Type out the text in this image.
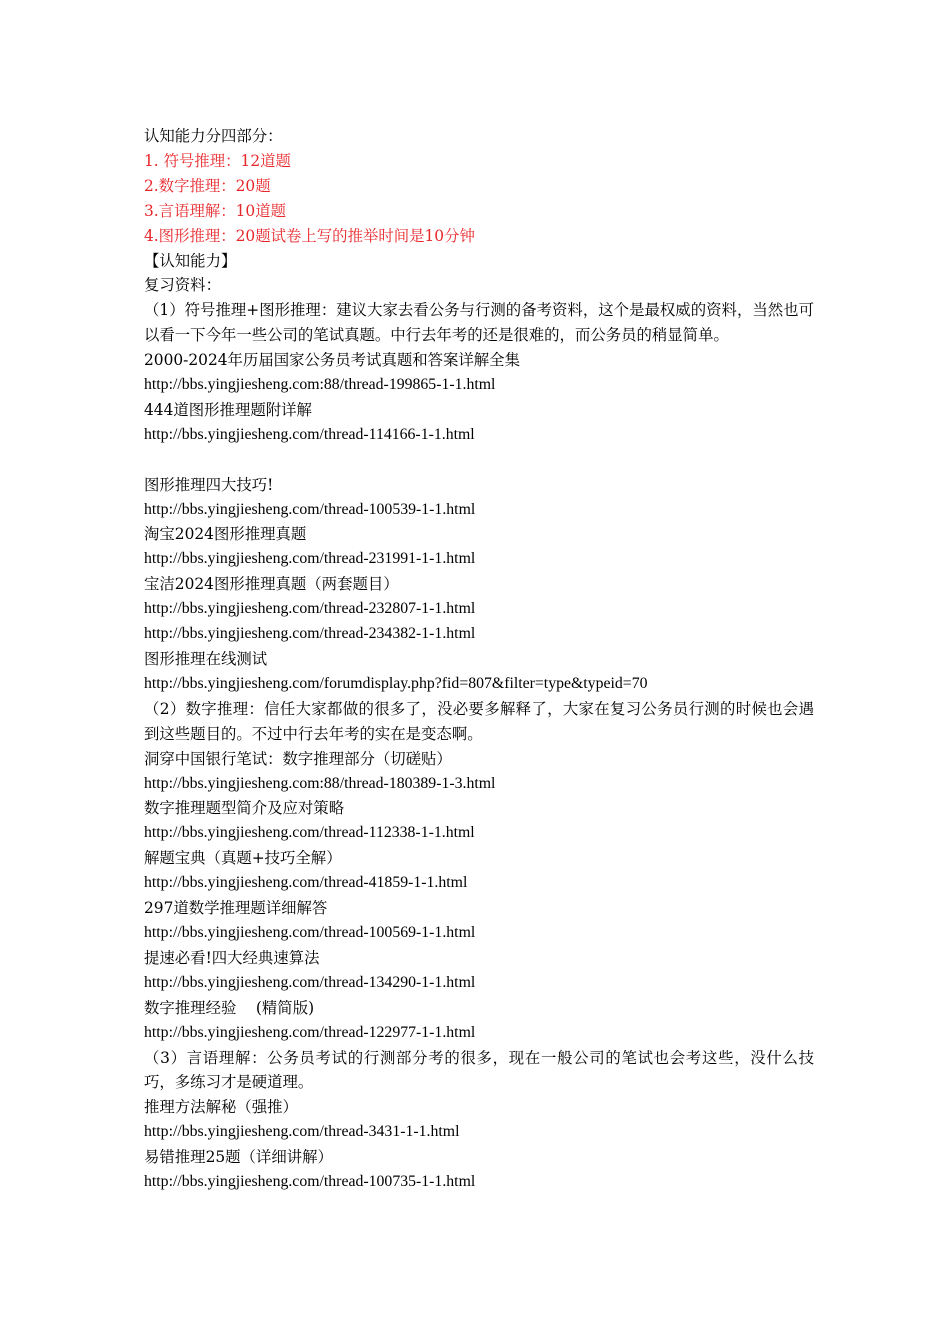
认知能力分四部分：
1. 符号推理：12道题
2.数字推理：20题
3.言语理解：10道题
4.图形推理：20题试卷上写的推举时间是10分钟
【认知能力】
复习资料：
（1）符号推理+图形推理：建议大家去看公务与行测的备考资料，这个是最权威的资料，当然也可以看一下今年一些公司的笔试真题。中行去年考的还是很难的，而公务员的稍显简单。
2000-2024年历届国家公务员考试真题和答案详解全集
http://bbs.yingjiesheng.com:88/thread-199865-1-1.html
444道图形推理题附详解
http://bbs.yingjiesheng.com/thread-114166-1-1.html
图形推理四大技巧!
http://bbs.yingjiesheng.com/thread-100539-1-1.html
淘宝2024图形推理真题
http://bbs.yingjiesheng.com/thread-231991-1-1.html
宝洁2024图形推理真题（两套题目）
http://bbs.yingjiesheng.com/thread-232807-1-1.html
http://bbs.yingjiesheng.com/thread-234382-1-1.html
图形推理在线测试
http://bbs.yingjiesheng.com/forumdisplay.php?fid=807&filter=type&typeid=70
（2）数字推理：信任大家都做的很多了，没必要多解释了，大家在复习公务员行测的时候也会遇到这些题目的。不过中行去年考的实在是变态啊。
洞穿中国银行笔试：数字推理部分（切磋贴）
http://bbs.yingjiesheng.com:88/thread-180389-1-3.html
数字推理题型简介及应对策略
http://bbs.yingjiesheng.com/thread-112338-1-1.html
解题宝典（真题+技巧全解）
http://bbs.yingjiesheng.com/thread-41859-1-1.html
297道数学推理题详细解答
http://bbs.yingjiesheng.com/thread-100569-1-1.html
提速必看!四大经典速算法
http://bbs.yingjiesheng.com/thread-134290-1-1.html
数字推理经验    (精简版)
http://bbs.yingjiesheng.com/thread-122977-1-1.html
（3）言语理解：公务员考试的行测部分考的很多，现在一般公司的笔试也会考这些，没什么技巧，多练习才是硬道理。
推理方法解秘（强推）
http://bbs.yingjiesheng.com/thread-3431-1-1.html
易错推理25题（详细讲解）
http://bbs.yingjiesheng.com/thread-100735-1-1.html
